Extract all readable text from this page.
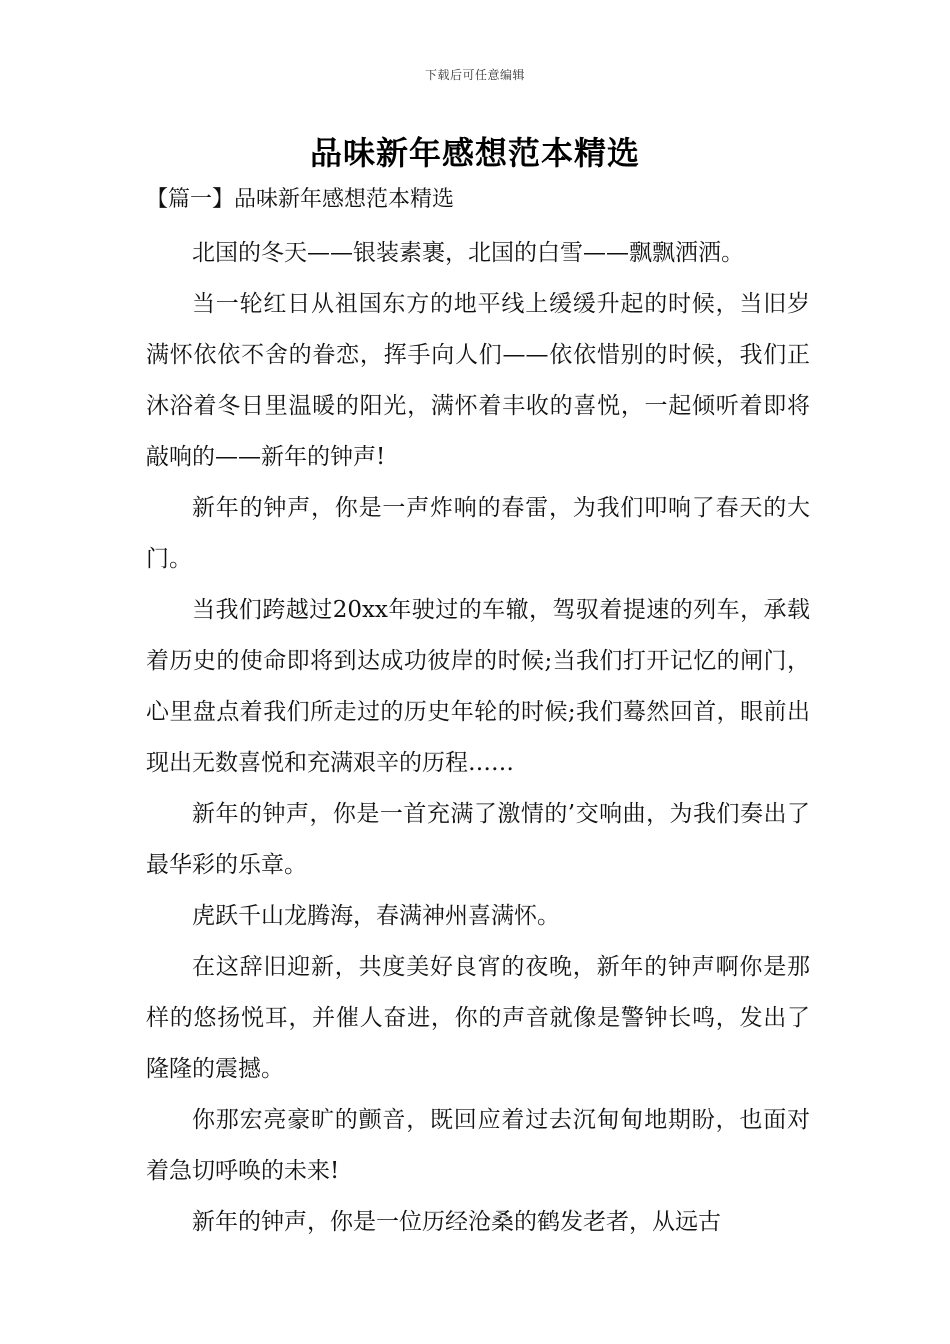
下载后可任意编辑
品味新年感想范本精选
【篇一】品味新年感想范本精选

北国的冬天——银装素裹，北国的白雪——飘飘洒洒。

当一轮红日从祖国东方的地平线上缓缓升起的时候，当旧岁满怀依依不舍的眷恋，挥手向人们——依依惜别的时候，我们正沐浴着冬日里温暖的阳光，满怀着丰收的喜悦，一起倾听着即将敲响的——新年的钟声!

新年的钟声，你是一声炸响的春雷，为我们叩响了春天的大门。

当我们跨越过20xx年驶过的车辙，驾驭着提速的列车，承载着历史的使命即将到达成功彼岸的时候;当我们打开记忆的闸门，心里盘点着我们所走过的历史年轮的时候;我们蓦然回首，眼前出现出无数喜悦和充满艰辛的历程……

新年的钟声，你是一首充满了激情的’交响曲，为我们奏出了最华彩的乐章。

虎跃千山龙腾海，春满神州喜满怀。

在这辞旧迎新，共度美好良宵的夜晚，新年的钟声啊你是那样的悠扬悦耳，并催人奋进，你的声音就像是警钟长鸣，发出了隆隆的震撼。

你那宏亮豪旷的颤音，既回应着过去沉甸甸地期盼，也面对着急切呼唤的未来!

新年的钟声，你是一位历经沧桑的鹤发老者，从远古
